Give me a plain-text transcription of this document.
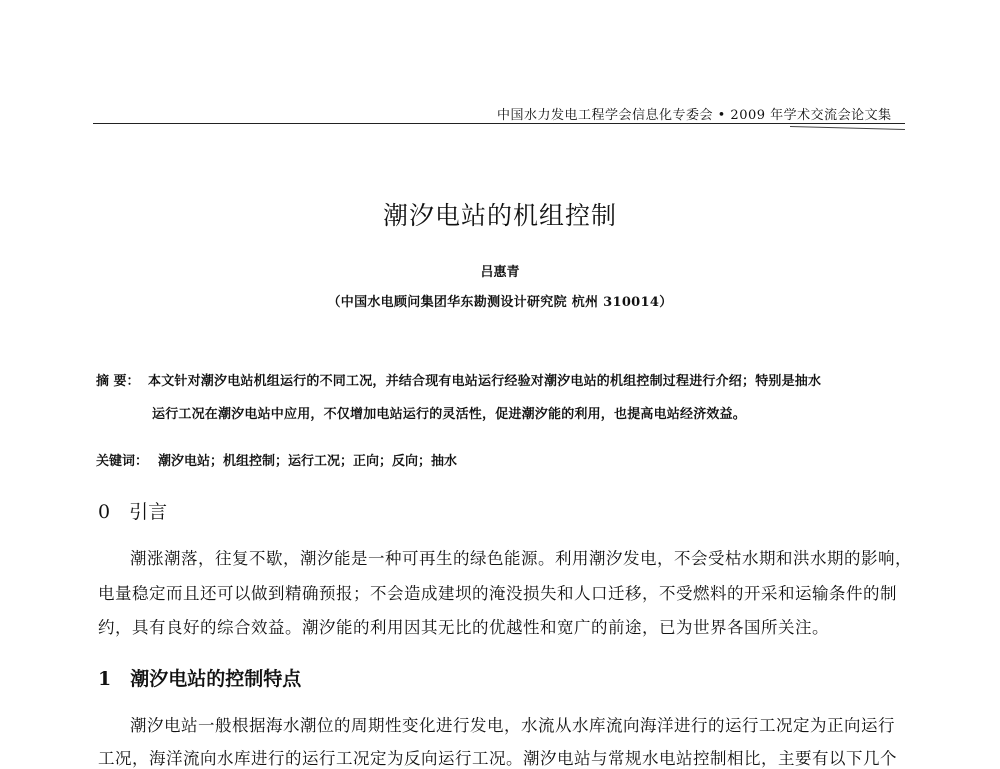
中国水力发电工程学会信息化专委会 • 2009 年学术交流会论文集
潮汐电站的机组控制
吕惠青
（中国水电顾问集团华东勘测设计研究院 杭州 310014）
摘 要： 本文针对潮汐电站机组运行的不同工况，并结合现有电站运行经验对潮汐电站的机组控制过程进行介绍；特别是抽水
运行工况在潮汐电站中应用，不仅增加电站运行的灵活性，促进潮汐能的利用，也提高电站经济效益。
关键词： 潮汐电站；机组控制；运行工况；正向；反向；抽水
0　引言
潮涨潮落，往复不歇，潮汐能是一种可再生的绿色能源。利用潮汐发电，不会受枯水期和洪水期的影响，
电量稳定而且还可以做到精确预报；不会造成建坝的淹没损失和人口迁移，不受燃料的开采和运输条件的制
约，具有良好的综合效益。潮汐能的利用因其无比的优越性和宽广的前途，已为世界各国所关注。
1　潮汐电站的控制特点
潮汐电站一般根据海水潮位的周期性变化进行发电，水流从水库流向海洋进行的运行工况定为正向运行
工况，海洋流向水库进行的运行工况定为反向运行工况。潮汐电站与常规水电站控制相比，主要有以下几个
